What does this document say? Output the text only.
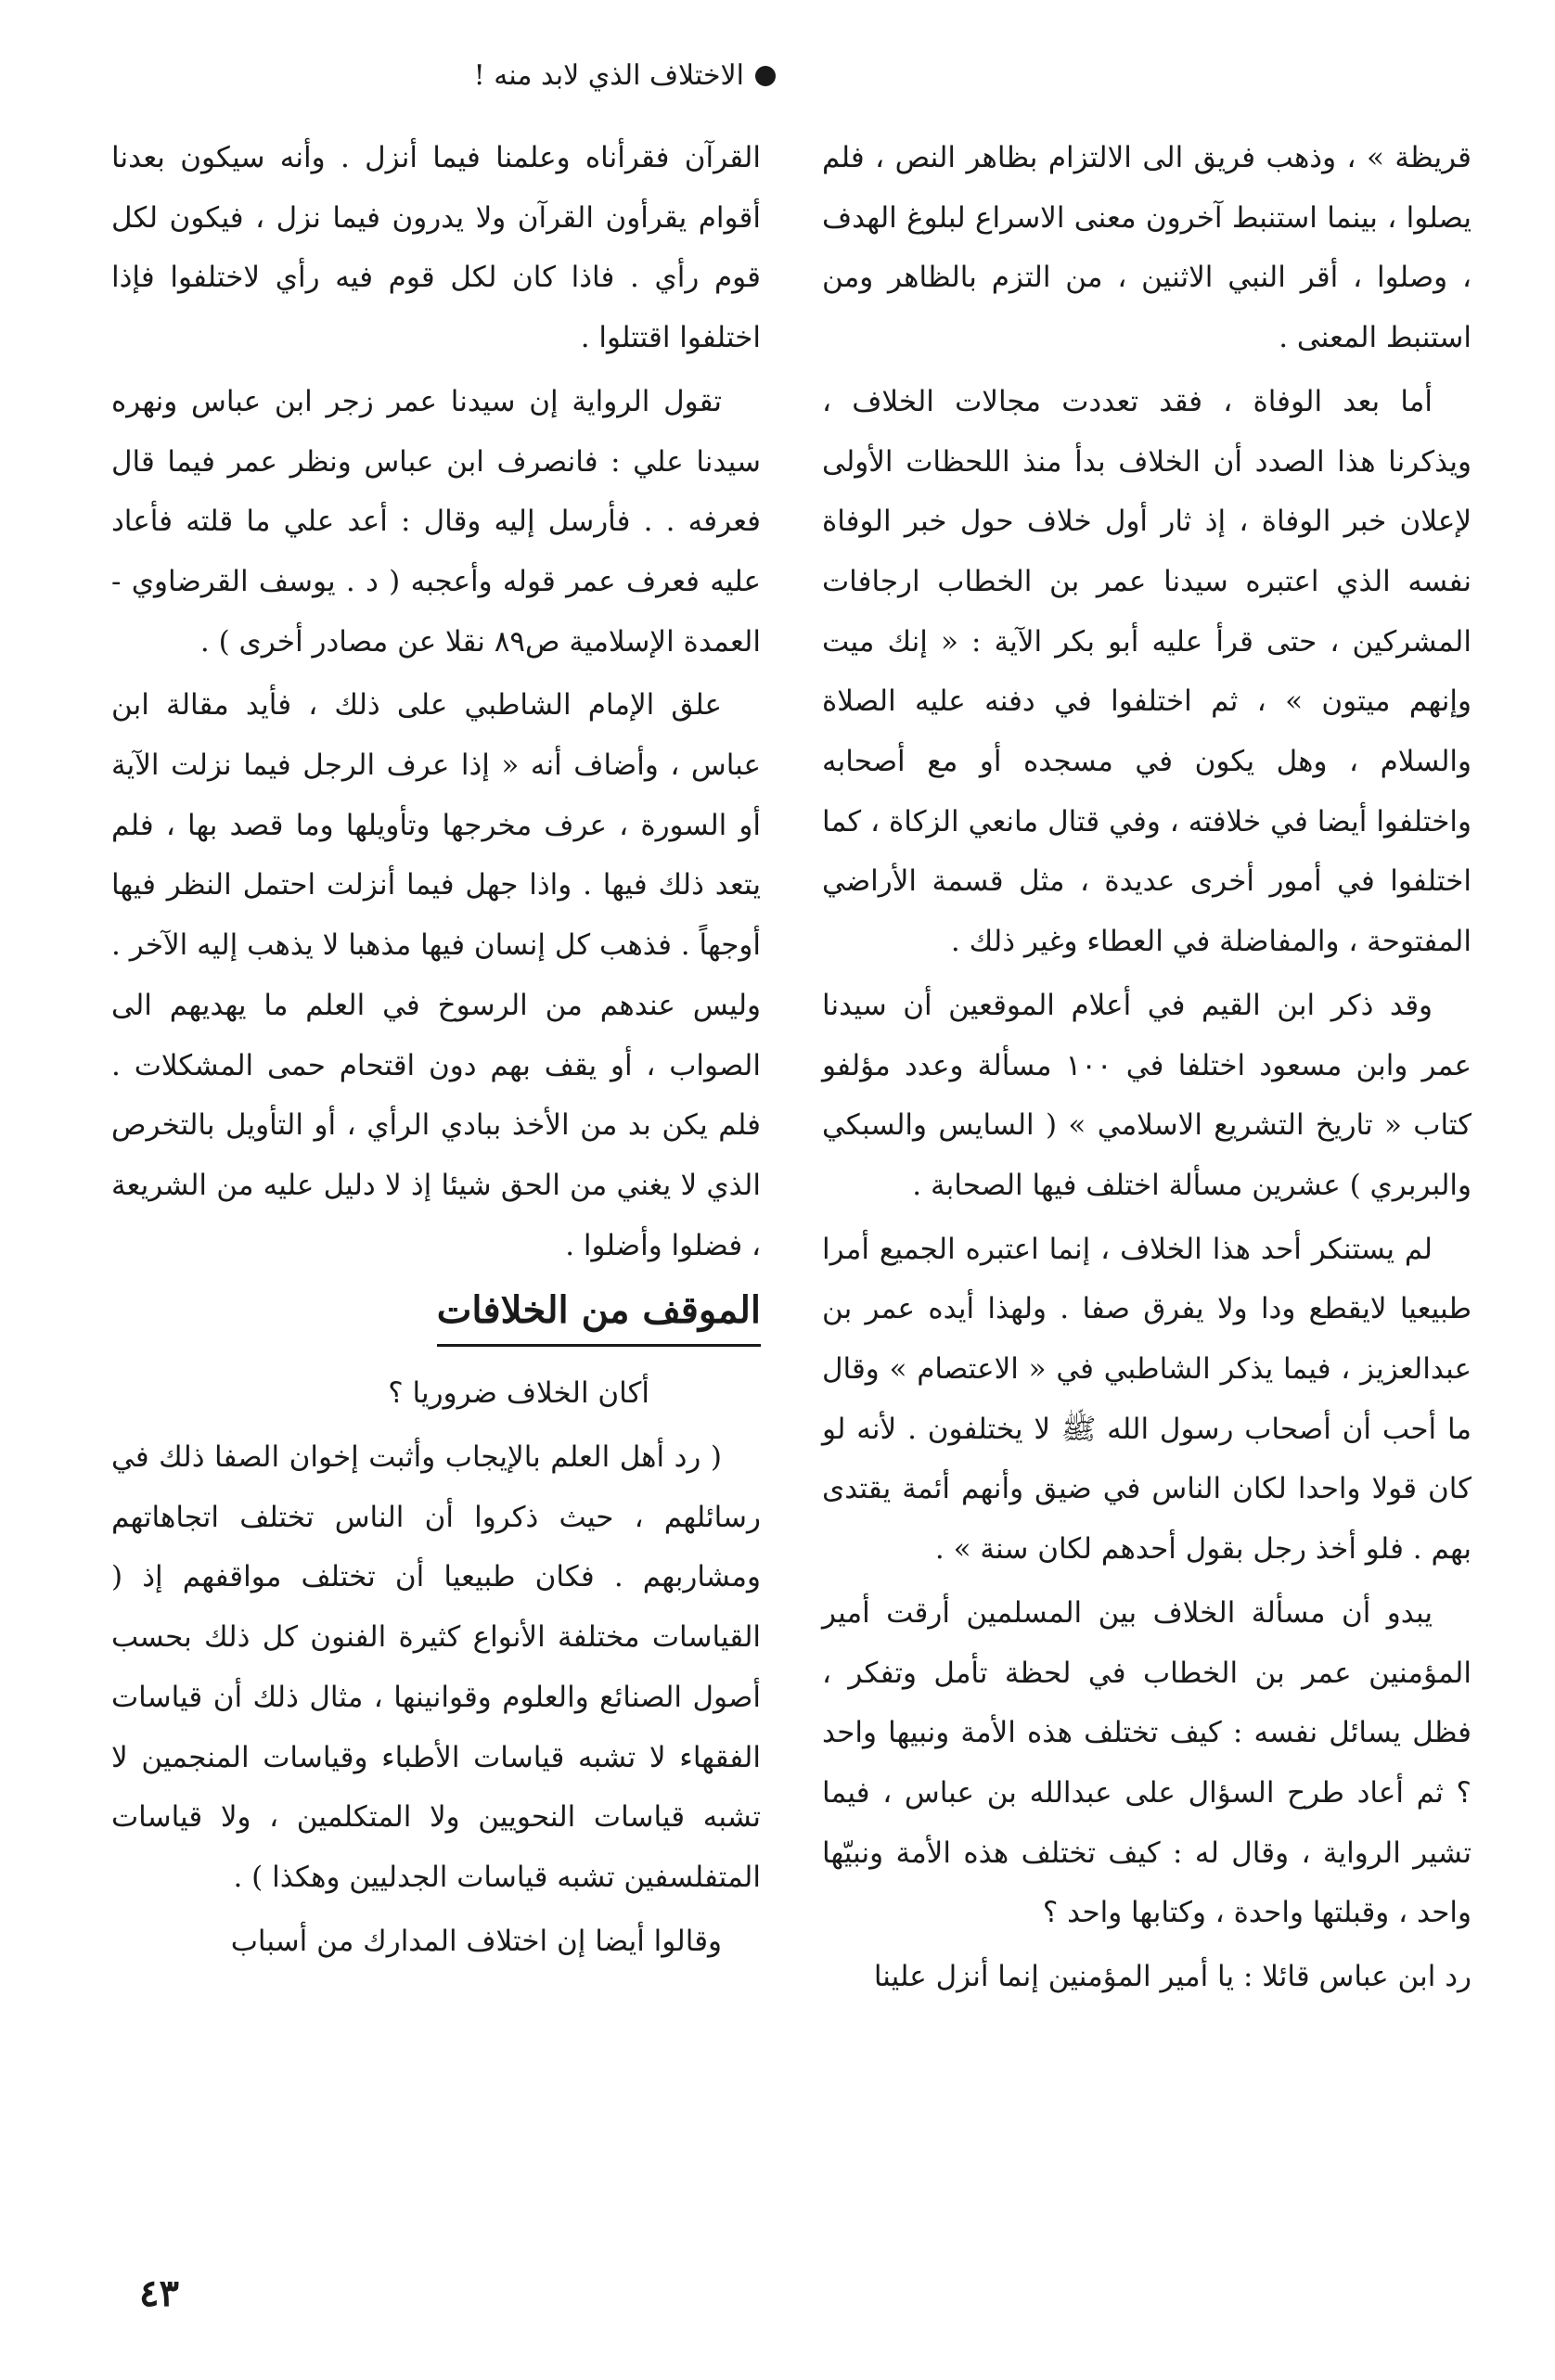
الاختلاف الذي لابد منه !

قريظة » ، وذهب فريق الى الالتزام بظاهر النص ، فلم يصلوا ، بينما استنبط آخرون معنى الاسراع لبلوغ الهدف ، وصلوا ، أقر النبي الاثنين ، من التزم بالظاهر ومن استنبط المعنى .

أما بعد الوفاة ، فقد تعددت مجالات الخلاف ، ويذكرنا هذا الصدد أن الخلاف بدأ منذ اللحظات الأولى لإعلان خبر الوفاة ، إذ ثار أول خلاف حول خبر الوفاة نفسه الذي اعتبره سيدنا عمر بن الخطاب ارجافات المشركين ، حتى قرأ عليه أبو بكر الآية : « إنك ميت وإنهم ميتون » ، ثم اختلفوا في دفنه عليه الصلاة والسلام ، وهل يكون في مسجده أو مع أصحابه واختلفوا أيضا في خلافته ، وفي قتال مانعي الزكاة ، كما اختلفوا في أمور أخرى عديدة ، مثل قسمة الأراضي المفتوحة ، والمفاضلة في العطاء وغير ذلك .

وقد ذكر ابن القيم في أعلام الموقعين أن سيدنا عمر وابن مسعود اختلفا في ١٠٠ مسألة وعدد مؤلفو كتاب « تاريخ التشريع الاسلامي » ( السايس والسبكي والبربري ) عشرين مسألة اختلف فيها الصحابة .

لم يستنكر أحد هذا الخلاف ، إنما اعتبره الجميع أمرا طبيعيا لايقطع ودا ولا يفرق صفا . ولهذا أيده عمر بن عبدالعزيز ، فيما يذكر الشاطبي في « الاعتصام » وقال ما أحب أن أصحاب رسول الله ﷺ لا يختلفون . لأنه لو كان قولا واحدا لكان الناس في ضيق وأنهم أئمة يقتدى بهم . فلو أخذ رجل بقول أحدهم لكان سنة » .

يبدو أن مسألة الخلاف بين المسلمين أرقت أمير المؤمنين عمر بن الخطاب في لحظة تأمل وتفكر ، فظل يسائل نفسه : كيف تختلف هذه الأمة ونبيها واحد ؟ ثم أعاد طرح السؤال على عبدالله بن عباس ، فيما تشير الرواية ، وقال له : كيف تختلف هذه الأمة ونبيّها واحد ، وقبلتها واحدة ، وكتابها واحد ؟

رد ابن عباس قائلا : يا أمير المؤمنين إنما أنزل علينا

القرآن فقرأناه وعلمنا فيما أنزل . وأنه سيكون بعدنا أقوام يقرأون القرآن ولا يدرون فيما نزل ، فيكون لكل قوم رأي . فاذا كان لكل قوم فيه رأي لاختلفوا فإذا اختلفوا اقتتلوا .

تقول الرواية إن سيدنا عمر زجر ابن عباس ونهره سيدنا علي : فانصرف ابن عباس ونظر عمر فيما قال فعرفه . . فأرسل إليه وقال : أعد علي ما قلته فأعاد عليه فعرف عمر قوله وأعجبه ( د . يوسف القرضاوي - العمدة الإسلامية ص٨٩ نقلا عن مصادر أخرى ) .

علق الإمام الشاطبي على ذلك ، فأيد مقالة ابن عباس ، وأضاف أنه « إذا عرف الرجل فيما نزلت الآية أو السورة ، عرف مخرجها وتأويلها وما قصد بها ، فلم يتعد ذلك فيها . واذا جهل فيما أنزلت احتمل النظر فيها أوجهاً . فذهب كل إنسان فيها مذهبا لا يذهب إليه الآخر . وليس عندهم من الرسوخ في العلم ما يهديهم الى الصواب ، أو يقف بهم دون اقتحام حمى المشكلات . فلم يكن بد من الأخذ ببادي الرأي ، أو التأويل بالتخرص الذي لا يغني من الحق شيئا إذ لا دليل عليه من الشريعة ، فضلوا وأضلوا .

الموقف من الخلافات

أكان الخلاف ضروريا ؟

( رد أهل العلم بالإيجاب وأثبت إخوان الصفا ذلك في رسائلهم ، حيث ذكروا أن الناس تختلف اتجاهاتهم ومشاربهم . فكان طبيعيا أن تختلف مواقفهم إذ ( القياسات مختلفة الأنواع كثيرة الفنون كل ذلك بحسب أصول الصنائع والعلوم وقوانينها ، مثال ذلك أن قياسات الفقهاء لا تشبه قياسات الأطباء وقياسات المنجمين لا تشبه قياسات النحويين ولا المتكلمين ، ولا قياسات المتفلسفين تشبه قياسات الجدليين وهكذا ) .

وقالوا أيضا إن اختلاف المدارك من أسباب

٤٣
